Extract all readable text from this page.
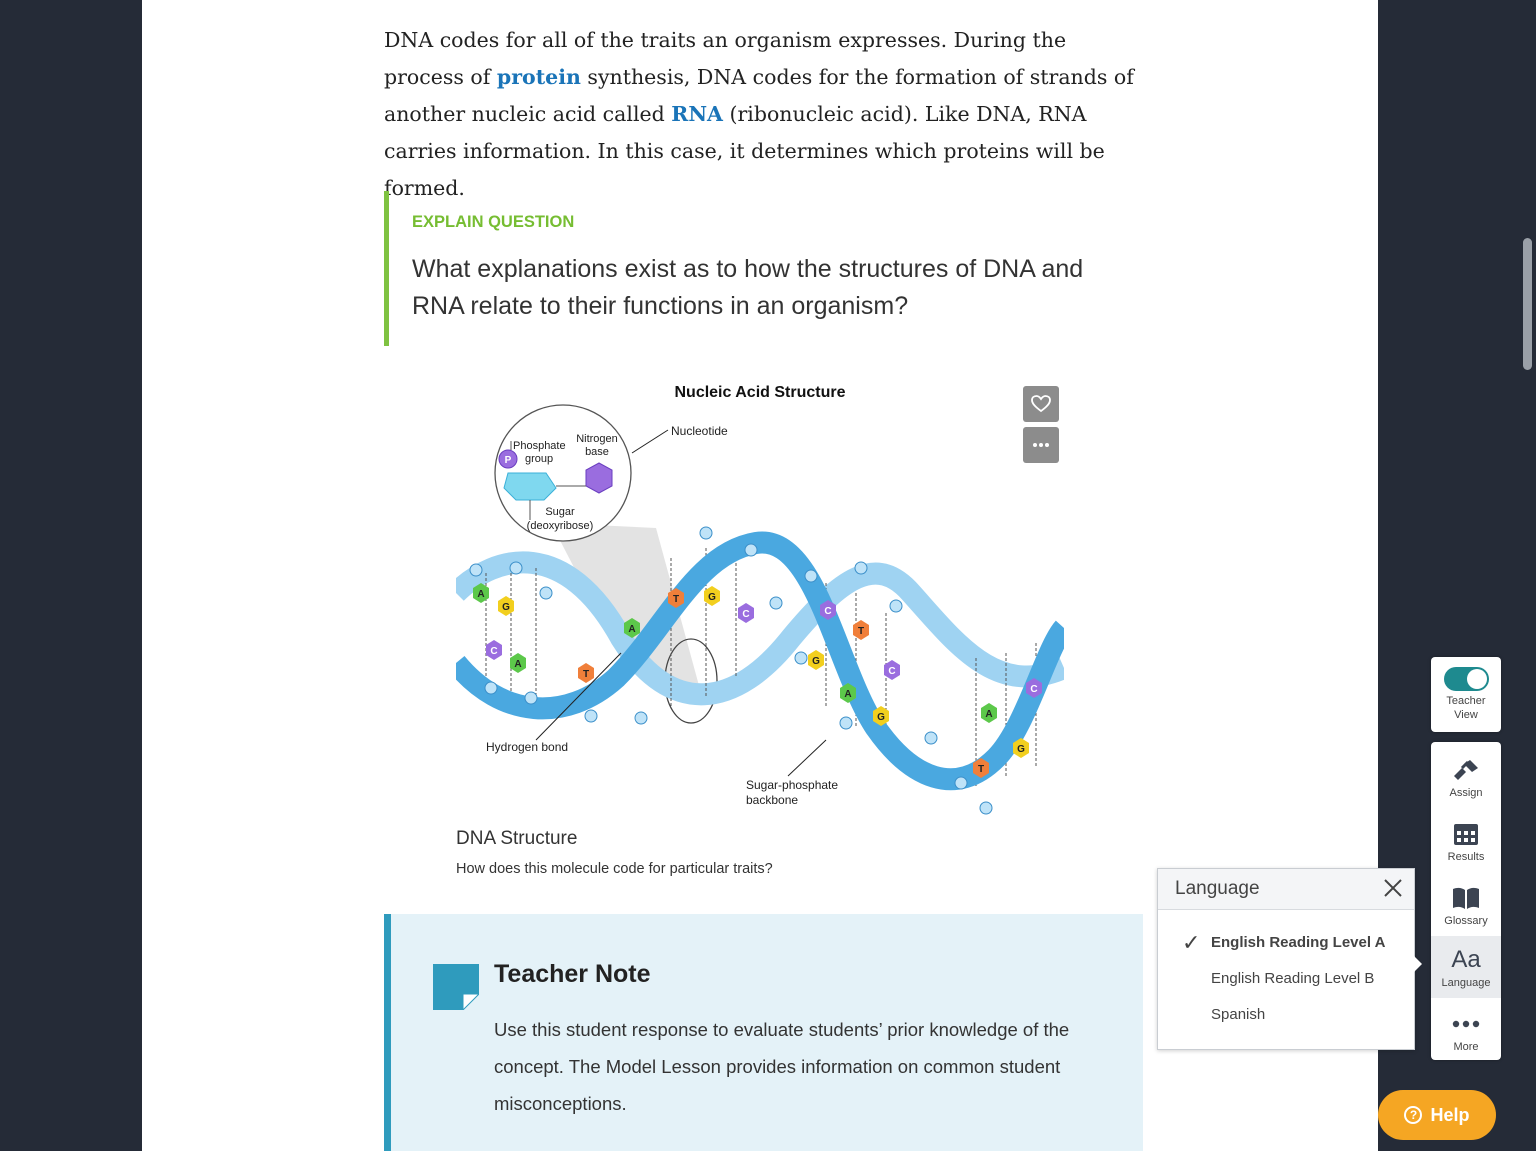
DNA codes for all of the traits an organism expresses. During the process of protein synthesis, DNA codes for the formation of strands of another nucleic acid called RNA (ribonucleic acid). Like DNA, RNA carries information. In this case, it determines which proteins will be formed.

EXPLAIN QUESTION

What explanations exist as to how the structures of DNA and RNA relate to their functions in an organism?

Nucleic Acid Structure
A
G
C
A
T	G
A
T
C	C
T
G
A
G
C
A
G
C
T
P
Phosphate
group
Nitrogen
base
Sugar
(deoxyribose)
Nucleotide
Hydrogen bond
Sugar-phosphate
backbone
DNA Structure
How does this molecule code for particular traits?
Teacher Note

Use this student response to evaluate students’ prior knowledge of the concept. The Model Lesson provides information on common student misconceptions.

Teacher
View
Assign
Results
Glossary
Aa
Language
More
Language
✓ English Reading Level A
English Reading Level B
Spanish
? Help
